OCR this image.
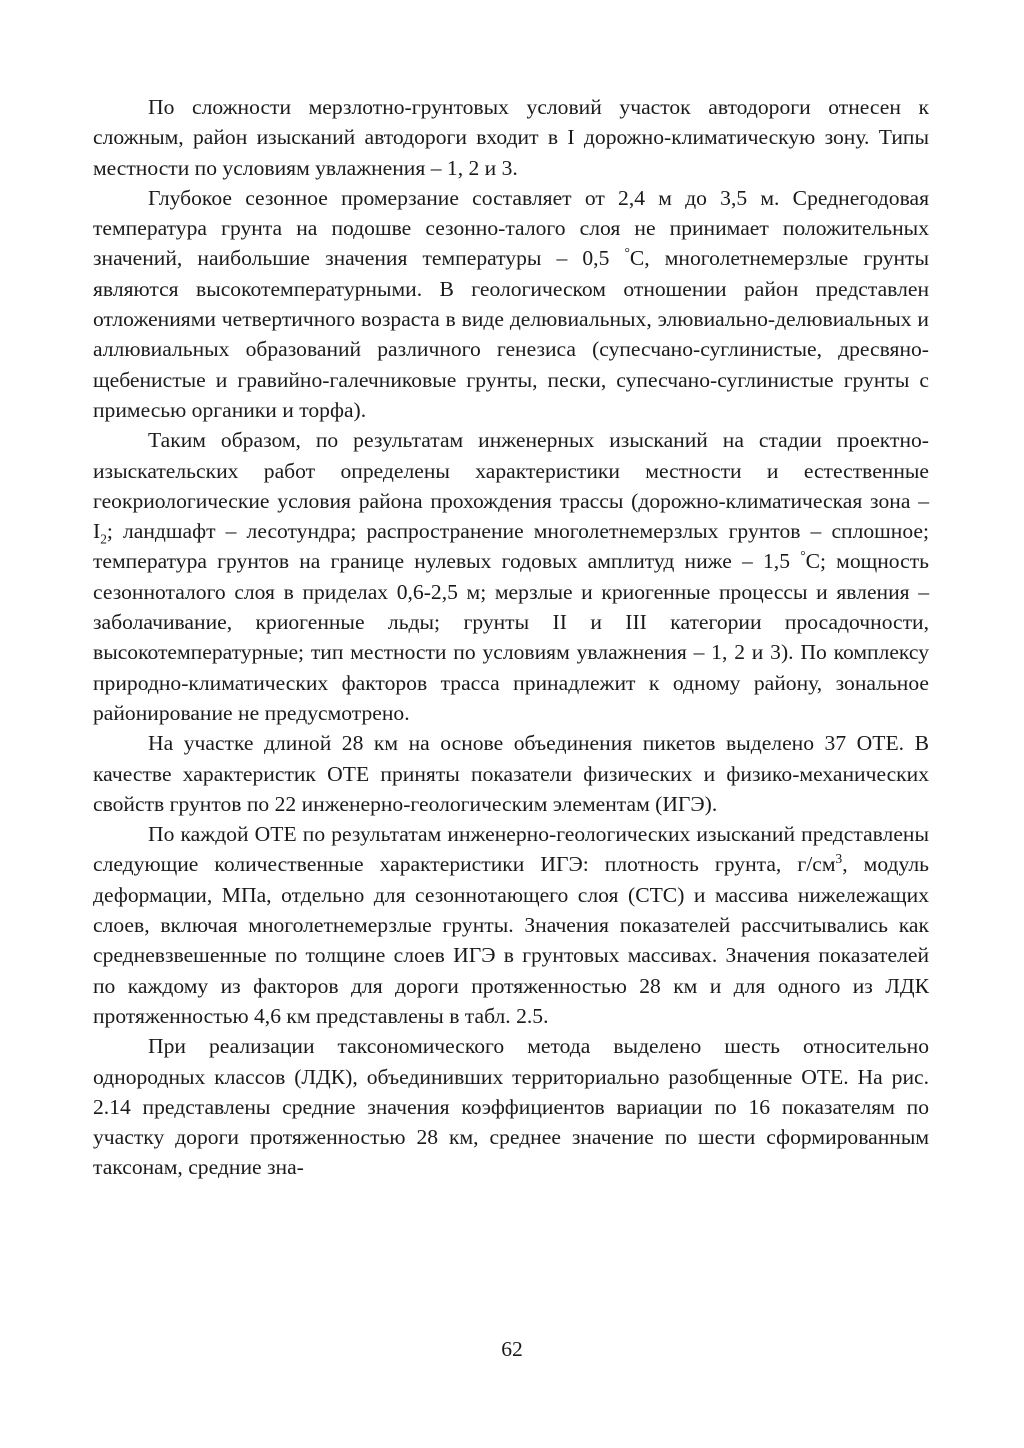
По сложности мерзлотно-грунтовых условий участок автодороги отнесен к сложным, район изысканий автодороги входит в I дорожно-климатическую зону. Типы местности по условиям увлажнения – 1, 2 и 3.

Глубокое сезонное промерзание составляет от 2,4 м до 3,5 м. Среднегодовая температура грунта на подошве сезонно-талого слоя не принимает положительных значений, наибольшие значения температуры – 0,5 °С, многолетнемерзлые грунты являются высокотемпературными. В геологическом отношении район представлен отложениями четвертичного возраста в виде делювиальных, элювиально-делювиальных и аллювиальных образований различного генезиса (супесчано-суглинистые, дресвяно-щебенистые и гравийно-галечниковые грунты, пески, супесчано-суглинистые грунты с примесью органики и торфа).

Таким образом, по результатам инженерных изысканий на стадии проектно-изыскательских работ определены характеристики местности и естественные геокриологические условия района прохождения трассы (дорожно-климатическая зона – $I_2$; ландшафт – лесотундра; распространение многолетнемерзлых грунтов – сплошное; температура грунтов на границе нулевых годовых амплитуд ниже – 1,5 °С; мощность сезонноталого слоя в приделах 0,6-2,5 м; мерзлые и криогенные процессы и явления – заболачивание, криогенные льды; грунты II и III категории просадочности, высокотемпературные; тип местности по условиям увлажнения – 1, 2 и 3). По комплексу природно-климатических факторов трасса принадлежит к одному району, зональное районирование не предусмотрено.

На участке длиной 28 км на основе объединения пикетов выделено 37 ОТЕ. В качестве характеристик ОТЕ приняты показатели физических и физико-механических свойств грунтов по 22 инженерно-геологическим элементам (ИГЭ).

По каждой ОТЕ по результатам инженерно-геологических изысканий представлены следующие количественные характеристики ИГЭ: плотность грунта, $г/см^3$, модуль деформации, МПа, отдельно для сезоннотающего слоя (СТС) и массива нижележащих слоев, включая многолетнемерзлые грунты. Значения показателей рассчитывались как средневзвешенные по толщине слоев ИГЭ в грунтовых массивах. Значения показателей по каждому из факторов для дороги протяженностью 28 км и для одного из ЛДК протяженностью 4,6 км представлены в табл. 2.5.

При реализации таксономического метода выделено шесть относительно однородных классов (ЛДК), объединивших территориально разобщенные ОТЕ. На рис. 2.14 представлены средние значения коэффициентов вариации по 16 показателям по участку дороги протяженностью 28 км, среднее значение по шести сформированным таксонам, средние зна-

62
